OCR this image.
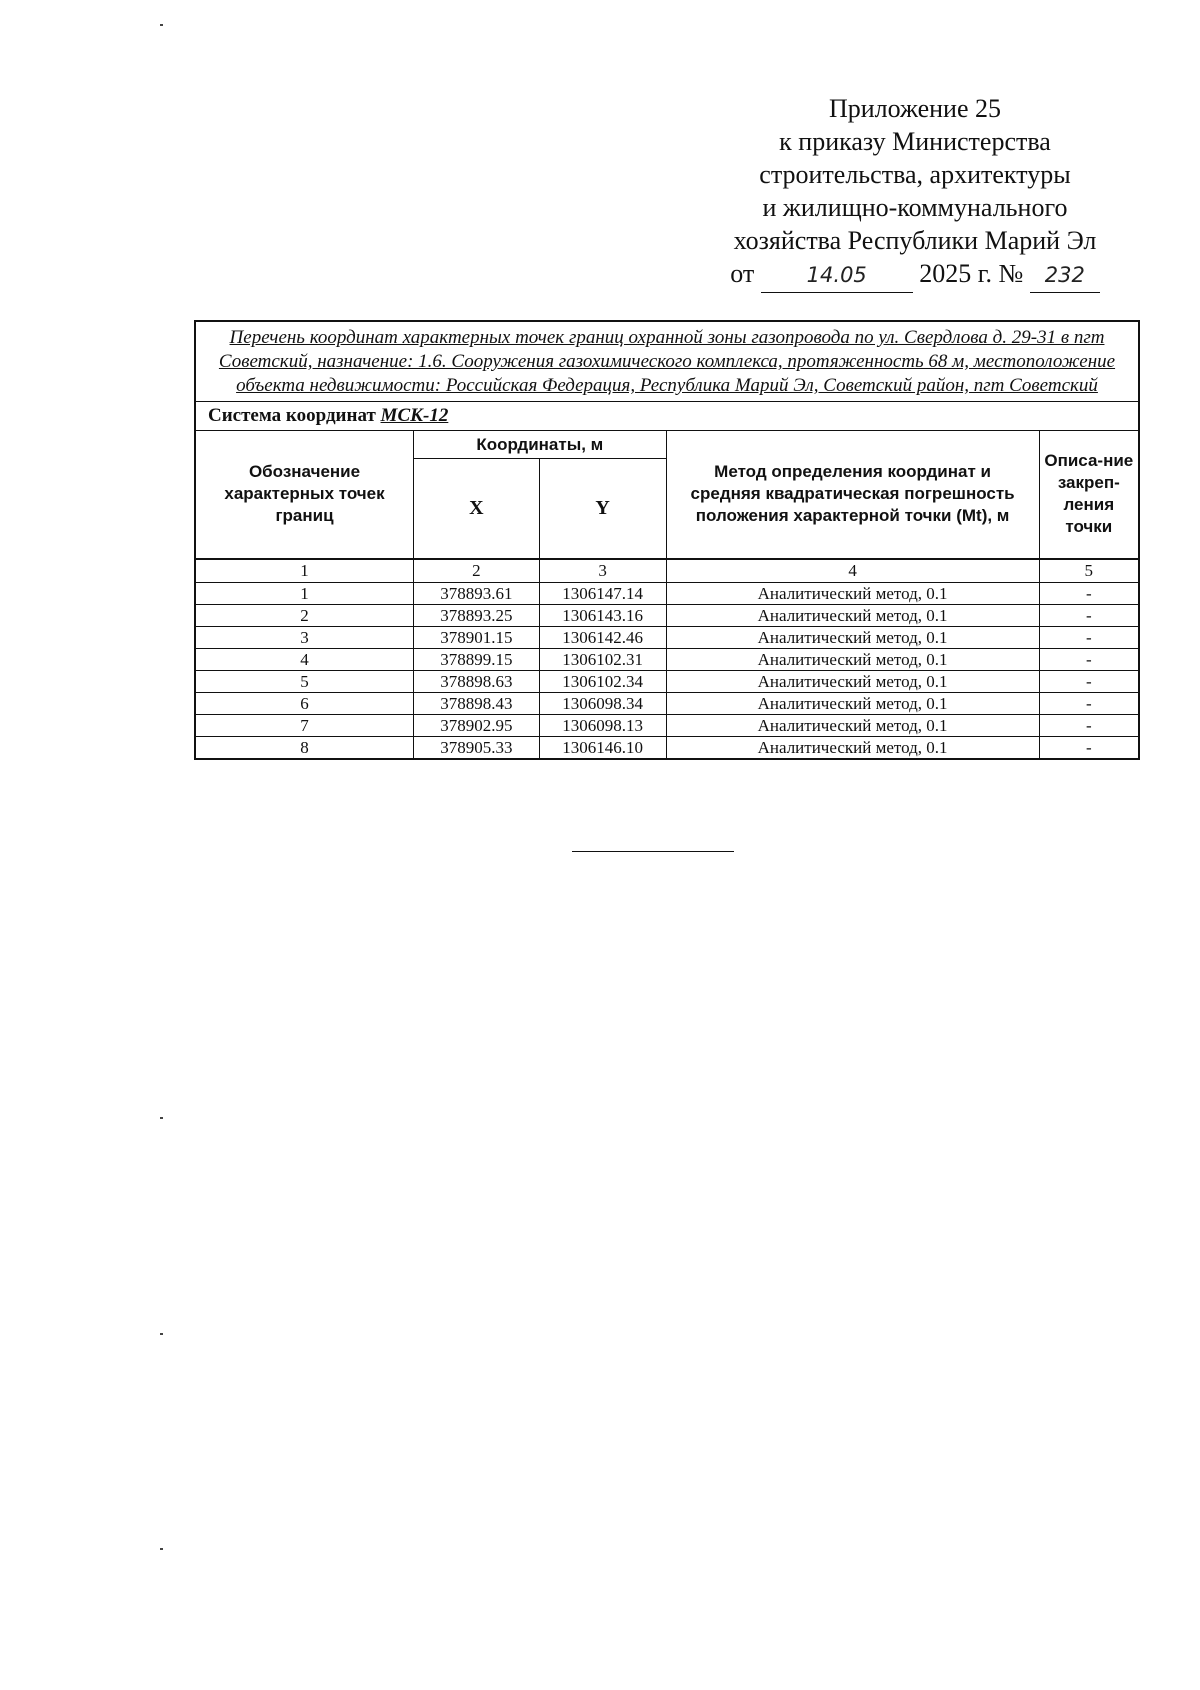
Приложение 25
к приказу Министерства
строительства, архитектуры
и жилищно-коммунального
хозяйства Республики Марий Эл
от 14.05 2025 г. № 232
Перечень координат характерных точек границ охранной зоны газопровода по ул. Свердлова д. 29-31 в пгт Советский, назначение: 1.6. Сооружения газохимического комплекса, протяженность 68 м, местоположение объекта недвижимости: Российская Федерация, Республика Марий Эл, Советский район, пгт Советский				
Система координат МСК-12				
Обозначение характерных точек границ	Координаты, м		Метод определения координат и средняя квадратическая погрешность положения характерной точки (Mt), м	Описа-ние закреп-ления точки
	X	Y		
1	2	3	4	5
1	378893.61	1306147.14	Аналитический метод, 0.1	-
2	378893.25	1306143.16	Аналитический метод, 0.1	-
3	378901.15	1306142.46	Аналитический метод, 0.1	-
4	378899.15	1306102.31	Аналитический метод, 0.1	-
5	378898.63	1306102.34	Аналитический метод, 0.1	-
6	378898.43	1306098.34	Аналитический метод, 0.1	-
7	378902.95	1306098.13	Аналитический метод, 0.1	-
8	378905.33	1306146.10	Аналитический метод, 0.1	-
